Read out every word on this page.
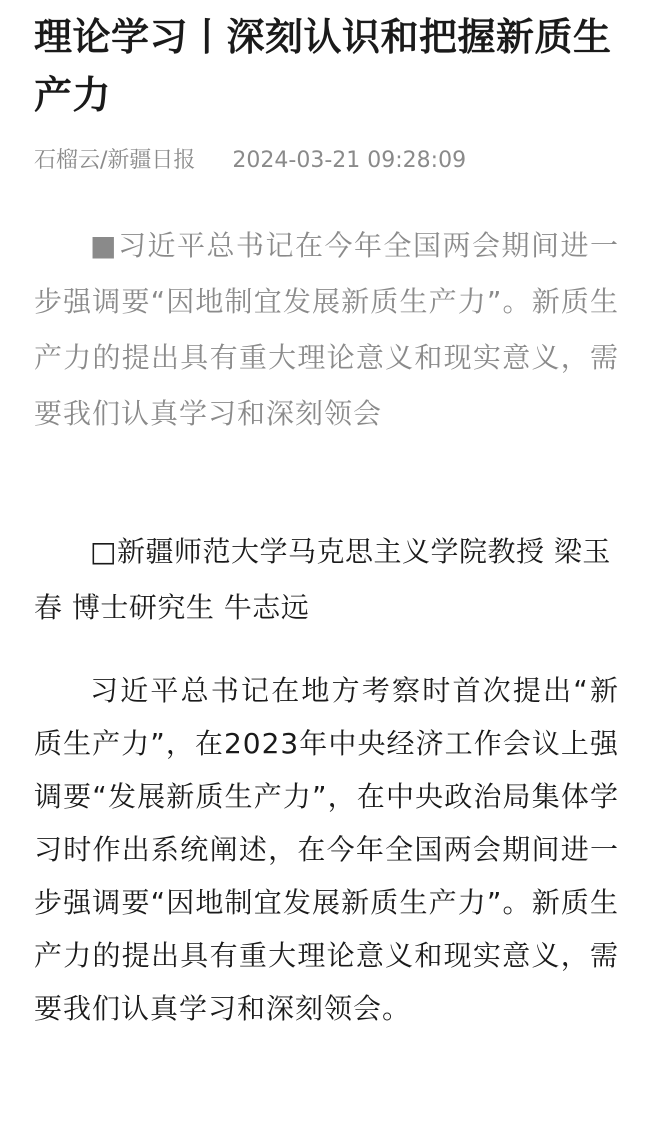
理论学习丨深刻认识和把握新质生产力
石榴云/新疆日报 2024-03-21 09:28:09

■习近平总书记在今年全国两会期间进一步强调要“因地制宜发展新质生产力”。新质生产力的提出具有重大理论意义和现实意义，需要我们认真学习和深刻领会

□新疆师范大学马克思主义学院教授 梁玉春 博士研究生 牛志远

习近平总书记在地方考察时首次提出“新质生产力”，在2023年中央经济工作会议上强调要“发展新质生产力”，在中央政治局集体学习时作出系统阐述，在今年全国两会期间进一步强调要“因地制宜发展新质生产力”。新质生产力的提出具有重大理论意义和现实意义，需要我们认真学习和深刻领会。
